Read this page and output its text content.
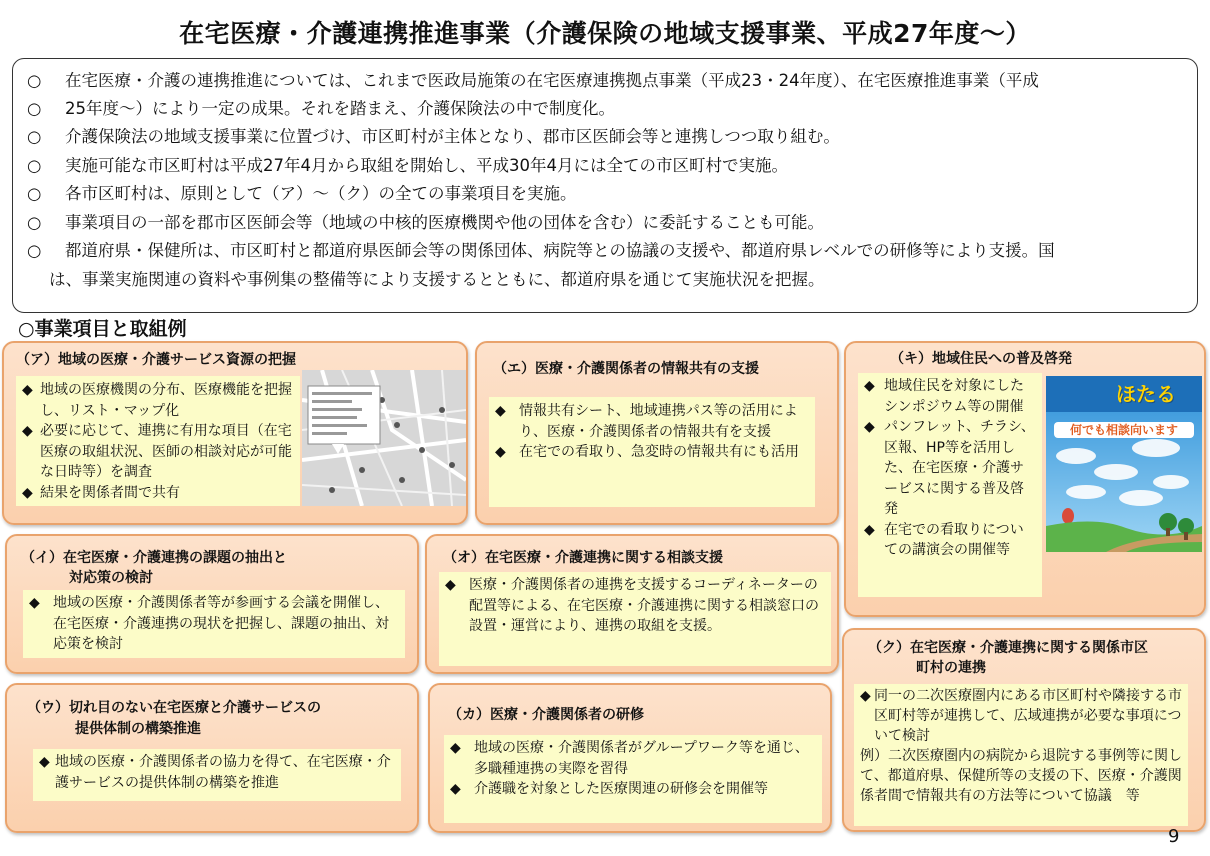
在宅医療・介護連携推進事業（介護保険の地域支援事業、平成27年度～）
○ 在宅医療・介護の連携推進については、これまで医政局施策の在宅医療連携拠点事業（平成23・24年度）、在宅医療推進事業（平成
○ 25年度～）により一定の成果。それを踏まえ、介護保険法の中で制度化。
○ 介護保険法の地域支援事業に位置づけ、市区町村が主体となり、郡市区医師会等と連携しつつ取り組む。
○ 実施可能な市区町村は平成27年4月から取組を開始し、平成30年4月には全ての市区町村で実施。
○ 各市区町村は、原則として（ア）～（ク）の全ての事業項目を実施。
○ 事業項目の一部を郡市区医師会等（地域の中核的医療機関や他の団体を含む）に委託することも可能。
○ 都道府県・保健所は、市区町村と都道府県医師会等の関係団体、病院等との協議の支援や、都道府県レベルでの研修等により支援。国
は、事業実施関連の資料や事例集の整備等により支援するとともに、都道府県を通じて実施状況を把握。
○事業項目と取組例
（ア）地域の医療・介護サービス資源の把握
◆ 地域の医療機関の分布、医療機能を把握し、リスト・マップ化
◆ 必要に応じて、連携に有用な項目（在宅医療の取組状況、医師の相談対応が可能な日時等）を調査
◆ 結果を関係者間で共有
（イ）在宅医療・介護連携の課題の抽出と
対応策の検討
◆ 地域の医療・介護関係者等が参画する会議を開催し、在宅医療・介護連携の現状を把握し、課題の抽出、対応策を検討
（ウ）切れ目のない在宅医療と介護サービスの
提供体制の構築推進
◆ 地域の医療・介護関係者の協力を得て、在宅医療・介護サービスの提供体制の構築を推進
（エ）医療・介護関係者の情報共有の支援
◆ 情報共有シート、地域連携パス等の活用により、医療・介護関係者の情報共有を支援
◆ 在宅での看取り、急変時の情報共有にも活用
（オ）在宅医療・介護連携に関する相談支援
◆ 医療・介護関係者の連携を支援するコーディネーターの配置等による、在宅医療・介護連携に関する相談窓口の設置・運営により、連携の取組を支援。
（カ）医療・介護関係者の研修
◆ 地域の医療・介護関係者がグループワーク等を通じ、多職種連携の実際を習得
◆ 介護職を対象とした医療関連の研修会を開催等
（キ）地域住民への普及啓発
◆ 地域住民を対象にしたシンポジウム等の開催
◆ パンフレット、チラシ、区報、HP等を活用した、在宅医療・介護サービスに関する普及啓発
◆ 在宅での看取りについての講演会の開催等
ほたる
何でも相談向います
（ク）在宅医療・介護連携に関する関係市区
町村の連携
◆ 同一の二次医療圏内にある市区町村や隣接する市区町村等が連携して、広域連携が必要な事項について検討
例）二次医療圏内の病院から退院する事例等に関して、都道府県、保健所等の支援の下、医療・介護関係者間で情報共有の方法等について協議　等
9
